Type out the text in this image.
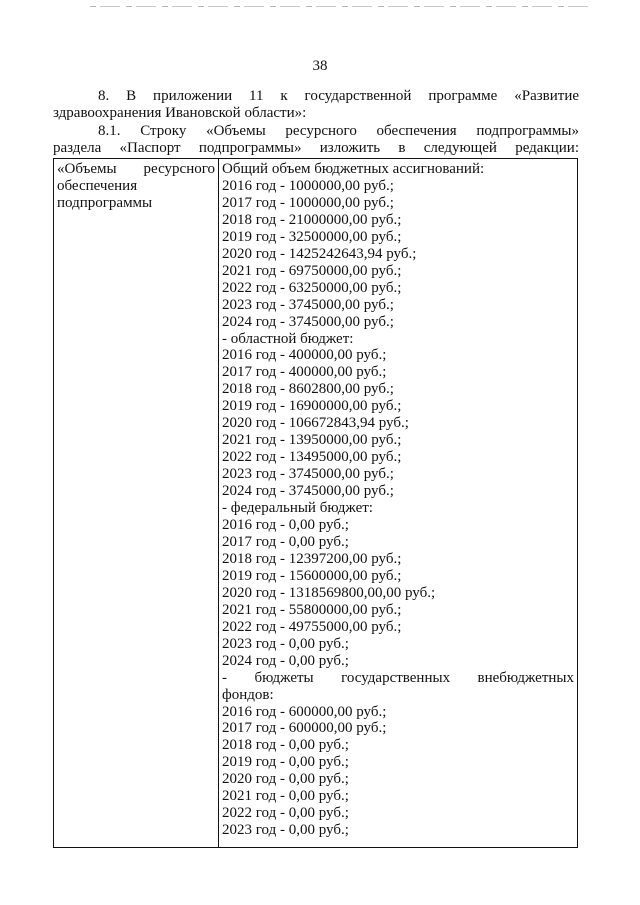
38

8. В приложении 11 к государственной программе «Развитие
здравоохранения Ивановской области»:

8.1. Строку «Объемы ресурсного обеспечения подпрограммы»
раздела «Паспорт подпрограммы» изложить в следующей редакции:

«Объемы ресурсного
обеспечения
подпрограммы
Общий объем бюджетных ассигнований:
2016 год - 1000000,00 руб.;
2017 год - 1000000,00 руб.;
2018 год - 21000000,00 руб.;
2019 год - 32500000,00 руб.;
2020 год - 1425242643,94 руб.;
2021 год - 69750000,00 руб.;
2022 год - 63250000,00 руб.;
2023 год - 3745000,00 руб.;
2024 год - 3745000,00 руб.;
- областной бюджет:
2016 год - 400000,00 руб.;
2017 год - 400000,00 руб.;
2018 год - 8602800,00 руб.;
2019 год - 16900000,00 руб.;
2020 год - 106672843,94 руб.;
2021 год - 13950000,00 руб.;
2022 год - 13495000,00 руб.;
2023 год - 3745000,00 руб.;
2024 год - 3745000,00 руб.;
- федеральный бюджет:
2016 год - 0,00 руб.;
2017 год - 0,00 руб.;
2018 год - 12397200,00 руб.;
2019 год - 15600000,00 руб.;
2020 год - 1318569800,00,00 руб.;
2021 год - 55800000,00 руб.;
2022 год - 49755000,00 руб.;
2023 год - 0,00 руб.;
2024 год - 0,00 руб.;
- бюджеты государственных внебюджетных
фондов:
2016 год - 600000,00 руб.;
2017 год - 600000,00 руб.;
2018 год - 0,00 руб.;
2019 год - 0,00 руб.;
2020 год - 0,00 руб.;
2021 год - 0,00 руб.;
2022 год - 0,00 руб.;
2023 год - 0,00 руб.;
